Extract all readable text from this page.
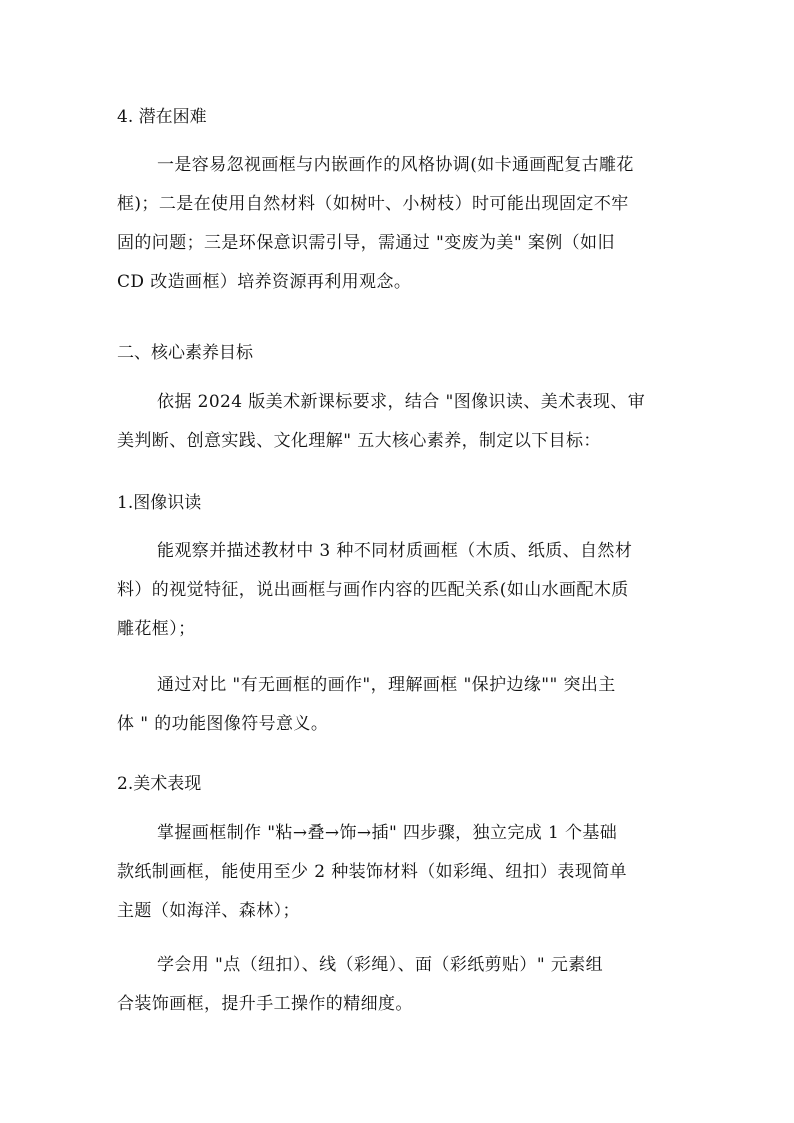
4. 潜在困难
一是容易忽视画框与内嵌画作的风格协调(如卡通画配复古雕花
框)；二是在使用自然材料（如树叶、小树枝）时可能出现固定不牢
固的问题；三是环保意识需引导，需通过 "变废为美" 案例（如旧
CD 改造画框）培养资源再利用观念。
二、核心素养目标
依据 2024 版美术新课标要求，结合 "图像识读、美术表现、审
美判断、创意实践、文化理解" 五大核心素养，制定以下目标：
1.图像识读
能观察并描述教材中 3 种不同材质画框（木质、纸质、自然材
料）的视觉特征，说出画框与画作内容的匹配关系(如山水画配木质
雕花框）；
通过对比 "有无画框的画作"，理解画框 "保护边缘"" 突出主
体 " 的功能图像符号意义。
2.美术表现
掌握画框制作 "粘→叠→饰→插" 四步骤，独立完成 1 个基础
款纸制画框，能使用至少 2 种装饰材料（如彩绳、纽扣）表现简单
主题（如海洋、森林）；
学会用 "点（纽扣）、线（彩绳）、面（彩纸剪贴）" 元素组
合装饰画框，提升手工操作的精细度。
